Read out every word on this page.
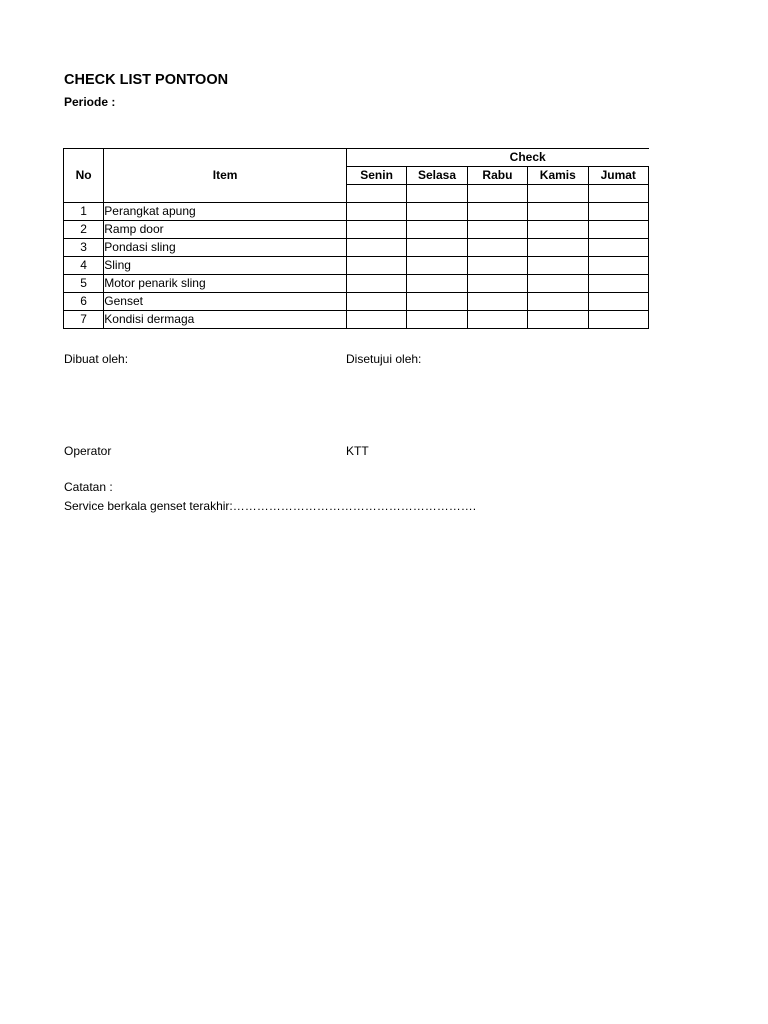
CHECK LIST PONTOON
Periode :
No	Item	Check				
		Senin	Selasa	Rabu	Kamis	Jumat

1	Perangkat apung					
2	Ramp door					
3	Pondasi sling					
4	Sling					
5	Motor penarik sling					
6	Genset					
7	Kondisi dermaga					
Dibuat oleh:	Disetujui oleh:
Operator	KTT
Catatan :
Service berkala genset terakhir:…………………………………………………….
